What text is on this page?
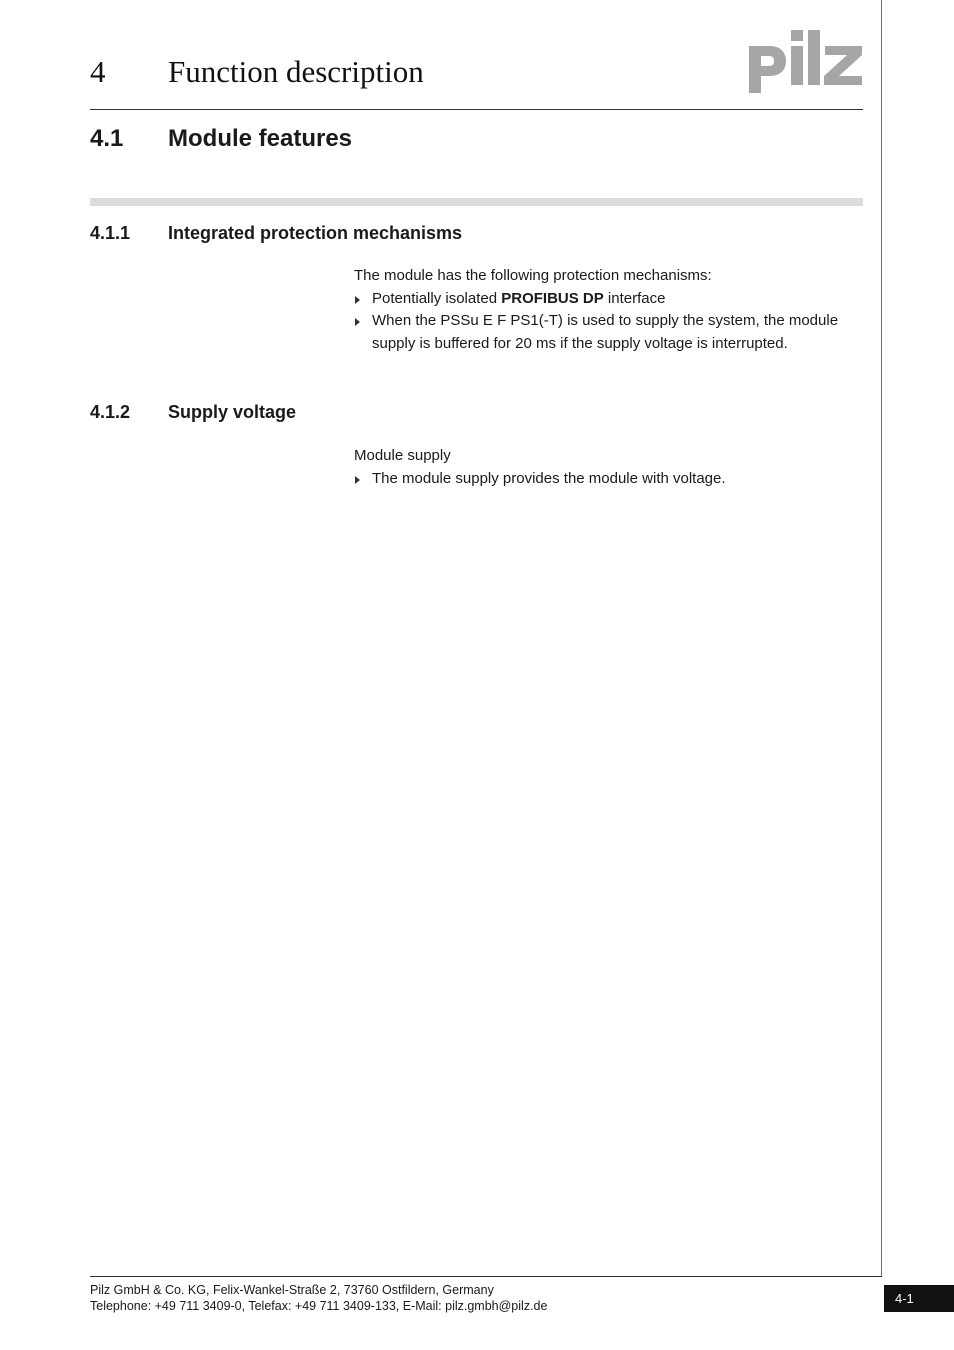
4 Function description
4.1 Module features
4.1.1 Integrated protection mechanisms

The module has the following protection mechanisms:

Potentially isolated PROFIBUS DP interface
When the PSSu E F PS1(-T) is used to supply the system, the module supply is buffered for 20 ms if the supply voltage is interrupted.
4.1.2 Supply voltage

Module supply

The module supply provides the module with voltage.
Pilz GmbH & Co. KG, Felix-Wankel-Straße 2, 73760 Ostfildern, Germany
Telephone: +49 711 3409-0, Telefax: +49 711 3409-133, E-Mail: pilz.gmbh@pilz.de	4-1
